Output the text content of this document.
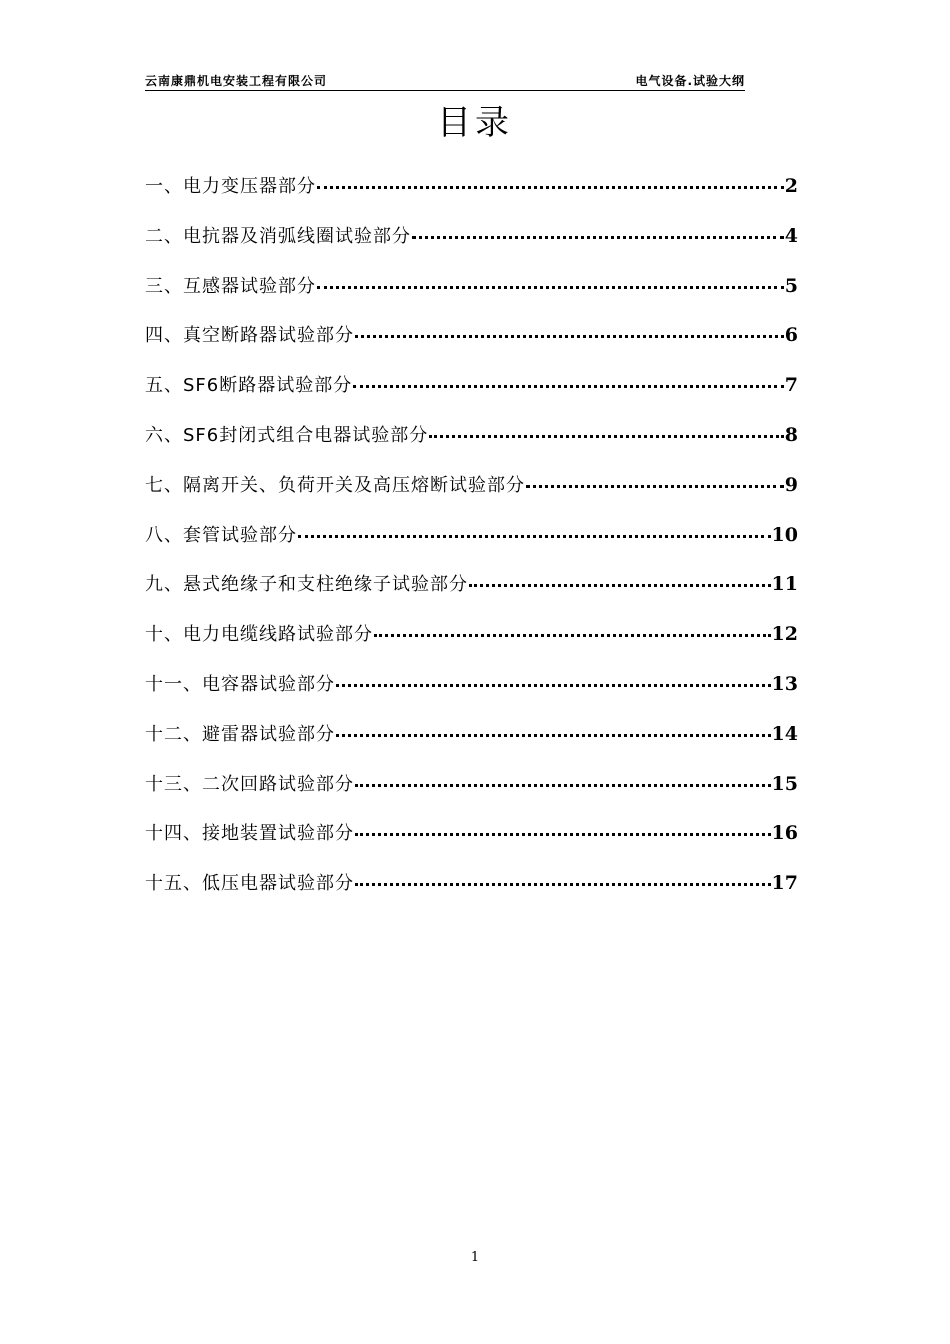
云南康鼎机电安装工程有限公司	电气设备.试验大纲
目录
一、电力变压器部分	2
二、电抗器及消弧线圈试验部分	4
三、互感器试验部分	5
四、真空断路器试验部分	6
五、SF6断路器试验部分	7
六、SF6封闭式组合电器试验部分	8
七、隔离开关、负荷开关及高压熔断试验部分	9
八、套管试验部分	10
九、悬式绝缘子和支柱绝缘子试验部分	11
十、电力电缆线路试验部分	12
十一、电容器试验部分	13
十二、避雷器试验部分	14
十三、二次回路试验部分	15
十四、接地装置试验部分	16
十五、低压电器试验部分	17
1
